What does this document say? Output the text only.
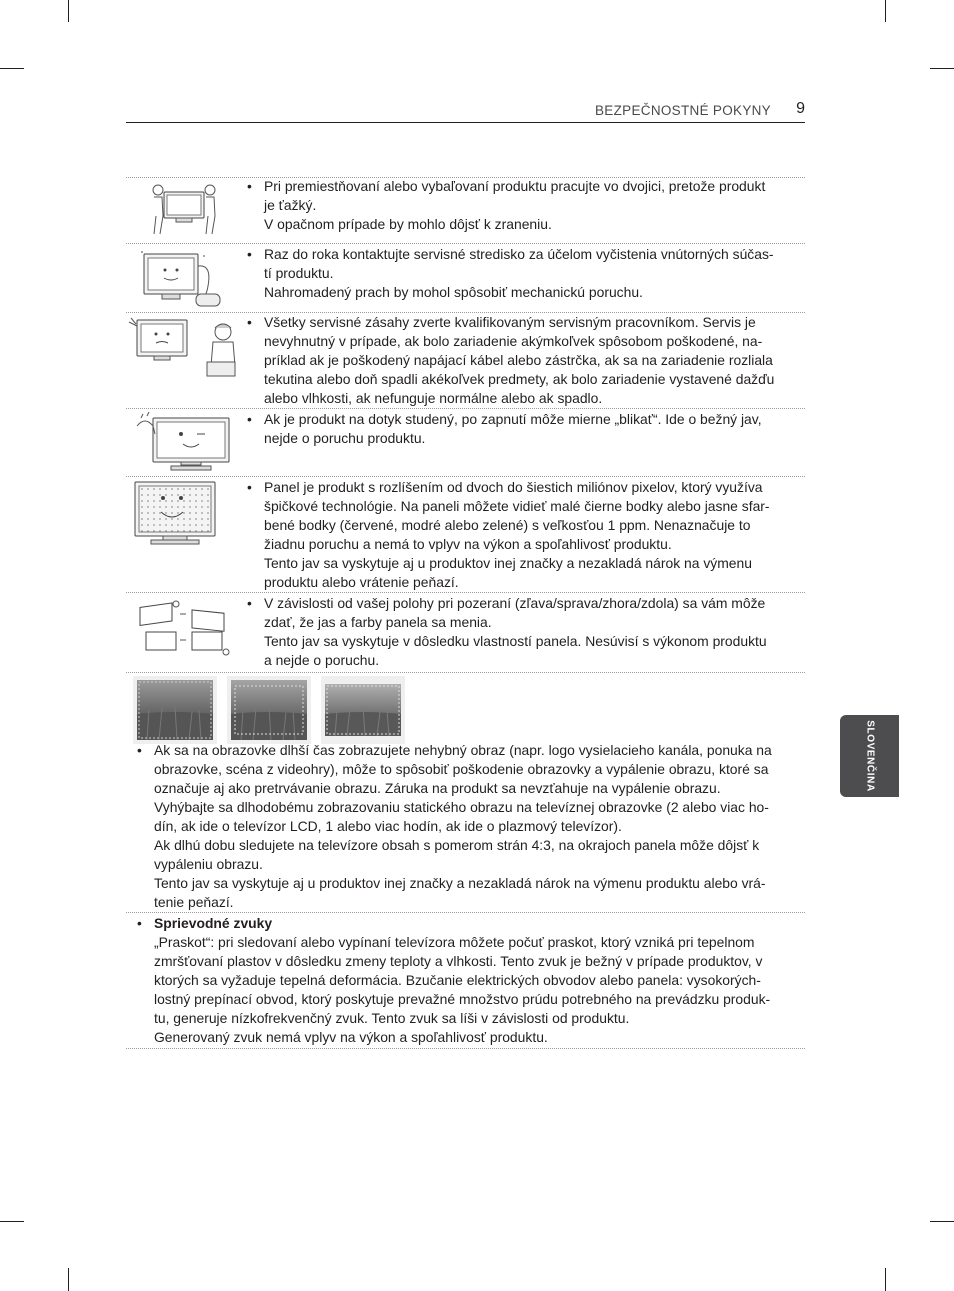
BEZPEČNOSTNÉ POKYNY 9
SLOVENČINA

• Pri premiestňovaní alebo vybaľovaní produktu pracujte vo dvojici, pretože produkt

je ťažký.

V opačnom prípade by mohlo dôjsť k zraneniu.

• Raz do roka kontaktujte servisné stredisko za účelom vyčistenia vnútorných súčas-

tí produktu.

Nahromadený prach by mohol spôsobiť mechanickú poruchu.

• Všetky servisné zásahy zverte kvalifikovaným servisným pracovníkom. Servis je

nevyhnutný v prípade, ak bolo zariadenie akýmkoľvek spôsobom poškodené, na-

príklad ak je poškodený napájací kábel alebo zástrčka, ak sa na zariadenie rozliala

tekutina alebo doň spadli akékoľvek predmety, ak bolo zariadenie vystavené dažďu

alebo vlhkosti, ak nefunguje normálne alebo ak spadlo.

• Ak je produkt na dotyk studený, po zapnutí môže mierne „blikať“. Ide o bežný jav,

nejde o poruchu produktu.

• Panel je produkt s rozlíšením od dvoch do šiestich miliónov pixelov, ktorý využíva

špičkové technológie. Na paneli môžete vidieť malé čierne bodky alebo jasne sfar-

bené bodky (červené, modré alebo zelené) s veľkosťou 1 ppm. Nenaznačuje to

žiadnu poruchu a nemá to vplyv na výkon a spoľahlivosť produktu.

Tento jav sa vyskytuje aj u produktov inej značky a nezakladá nárok na výmenu

produktu alebo vrátenie peňazí.

• V závislosti od vašej polohy pri pozeraní (zľava/sprava/zhora/zdola) sa vám môže

zdať, že jas a farby panela sa menia.

Tento jav sa vyskytuje v dôsledku vlastností panela. Nesúvisí s výkonom produktu

a nejde o poruchu.

• Ak sa na obrazovke dlhší čas zobrazujete nehybný obraz (napr. logo vysielacieho kanála, ponuka na

obrazovke, scéna z videohry), môže to spôsobiť poškodenie obrazovky a vypálenie obrazu, ktoré sa

označuje aj ako pretrvávanie obrazu. Záruka na produkt sa nevzťahuje na vypálenie obrazu.

Vyhýbajte sa dlhodobému zobrazovaniu statického obrazu na televíznej obrazovke (2 alebo viac ho-

dín, ak ide o televízor LCD, 1 alebo viac hodín, ak ide o plazmový televízor).

Ak dlhú dobu sledujete na televízore obsah s pomerom strán 4:3, na okrajoch panela môže dôjsť k

vypáleniu obrazu.

Tento jav sa vyskytuje aj u produktov inej značky a nezakladá nárok na výmenu produktu alebo vrá-

tenie peňazí.

• Sprievodné zvuky

„Praskot“: pri sledovaní alebo vypínaní televízora môžete počuť praskot, ktorý vzniká pri tepelnom

zmršťovaní plastov v dôsledku zmeny teploty a vlhkosti. Tento zvuk je bežný v prípade produktov, v

ktorých sa vyžaduje tepelná deformácia. Bzučanie elektrických obvodov alebo panela: vysokorých-

lostný prepínací obvod, ktorý poskytuje prevažné množstvo prúdu potrebného na prevádzku produk-

tu, generuje nízkofrekvenčný zvuk. Tento zvuk sa líši v závislosti od produktu.

Generovaný zvuk nemá vplyv na výkon a spoľahlivosť produktu.
